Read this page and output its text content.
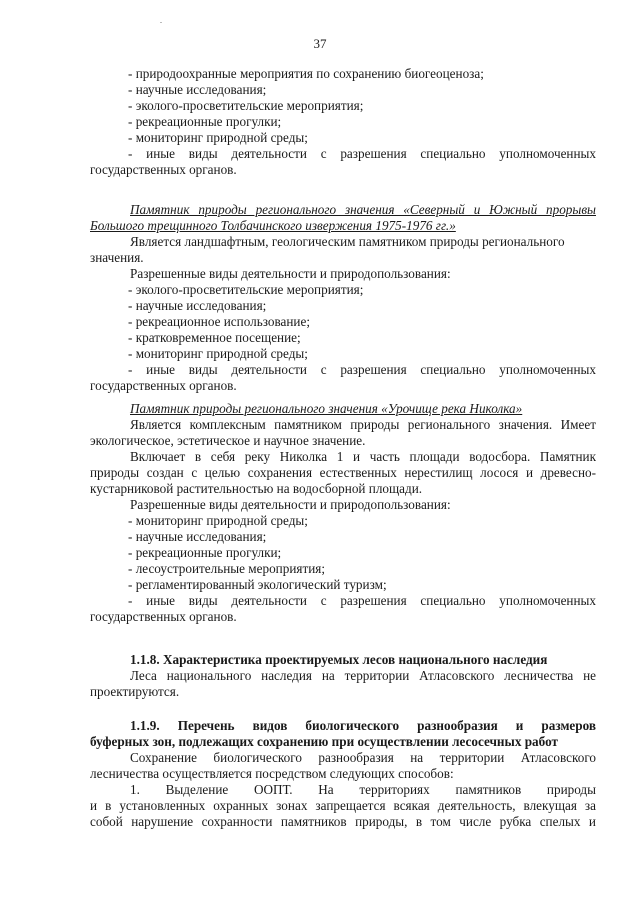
37
- природоохранные мероприятия по сохранению биогеоценоза;
- научные исследования;
- эколого-просветительские мероприятия;
- рекреационные прогулки;
- мониторинг природной среды;
- иные виды деятельности с разрешения специально уполномоченных
государственных органов.
Памятник природы регионального значения «Северный и Южный прорывы
Большого трещинного Толбачинского извержения 1975-1976 гг.»
Является ландшафтным, геологическим памятником природы регионального
значения.
Разрешенные виды деятельности и природопользования:
- эколого-просветительские мероприятия;
- научные исследования;
- рекреационное использование;
- кратковременное посещение;
- мониторинг природной среды;
- иные виды деятельности с разрешения специально уполномоченных
государственных органов.
Памятник природы регионального значения «Урочище река Николка»
Является комплексным памятником природы регионального значения. Имеет
экологическое, эстетическое и научное значение.
Включает в себя реку Николка 1 и часть площади водосбора. Памятник
природы создан с целью сохранения естественных нерестилищ лосося и древесно-
кустарниковой растительностью на водосборной площади.
Разрешенные виды деятельности и природопользования:
- мониторинг природной среды;
- научные исследования;
- рекреационные прогулки;
- лесоустроительные мероприятия;
- регламентированный экологический туризм;
- иные виды деятельности с разрешения специально уполномоченных
государственных органов.
1.1.8. Характеристика проектируемых лесов национального наследия
Леса национального наследия на территории Атласовского лесничества не
проектируются.
1.1.9. Перечень видов биологического разнообразия и размеров
буферных зон, подлежащих сохранению при осуществлении лесосечных работ
Сохранение биологического разнообразия на территории Атласовского
лесничества осуществляется посредством следующих способов:
1. Выделение ООПТ. На территориях памятников природы
и в установленных охранных зонах запрещается всякая деятельность, влекущая за
собой нарушение сохранности памятников природы, в том числе рубка спелых и
